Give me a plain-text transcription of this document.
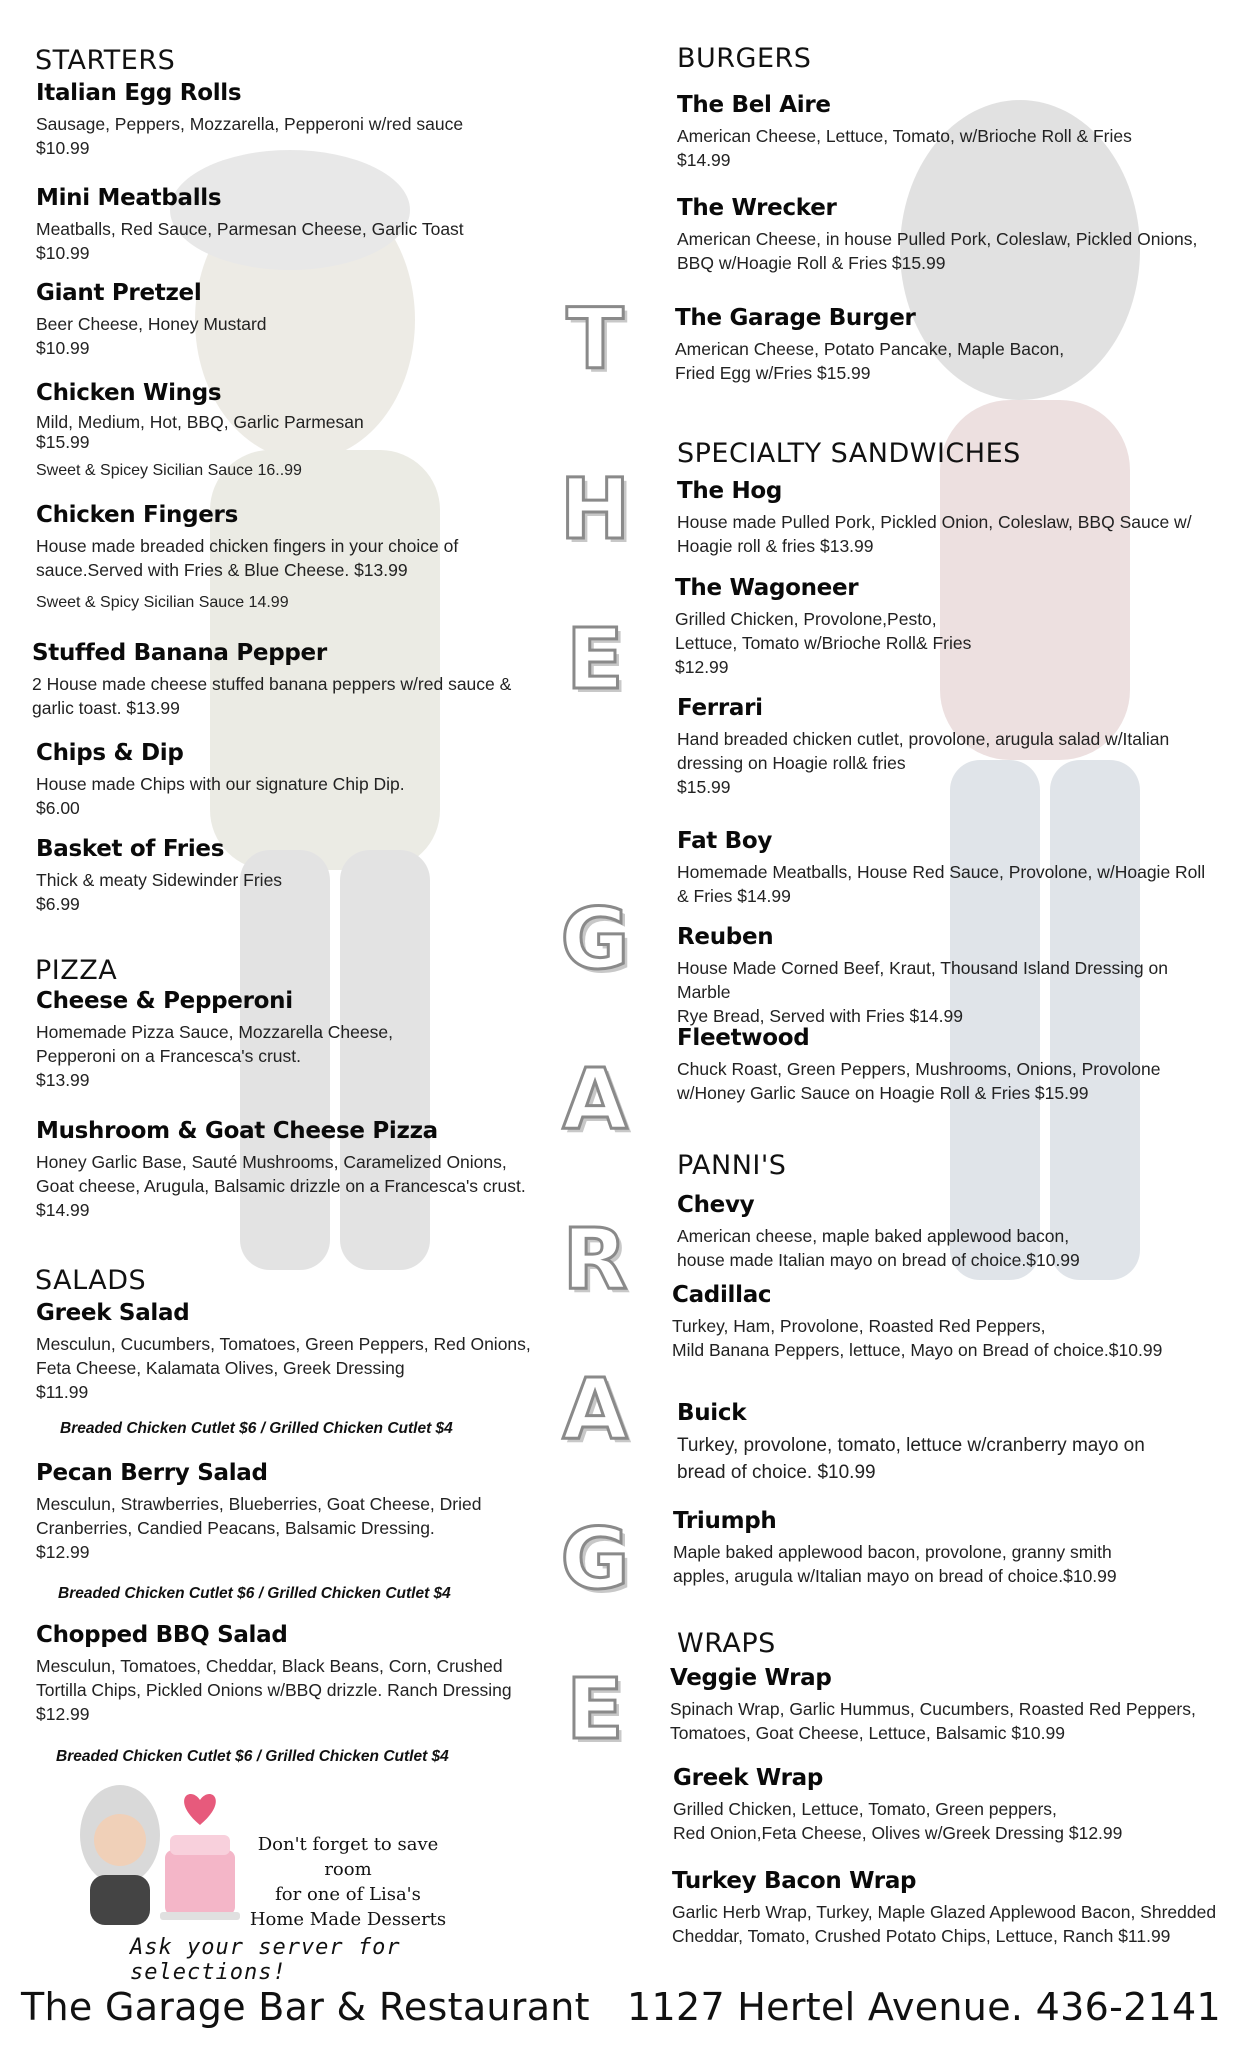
T
H
E
G
A
R
A
G
E
STARTERS
Italian Egg Rolls
Sausage, Peppers, Mozzarella, Pepperoni w/red sauce
$10.99
Mini Meatballs
Meatballs, Red Sauce, Parmesan Cheese, Garlic Toast
$10.99
Giant Pretzel
Beer Cheese, Honey Mustard
$10.99
Chicken Wings
Mild, Medium, Hot, BBQ, Garlic Parmesan
$15.99
Sweet & Spicey Sicilian Sauce 16..99
Chicken Fingers
House made breaded chicken fingers in your choice of
sauce.Served with Fries & Blue Cheese. $13.99
Sweet & Spicy Sicilian Sauce 14.99
Stuffed Banana Pepper
2 House made cheese stuffed banana peppers w/red sauce &
garlic toast. $13.99
Chips & Dip
House made Chips with our signature Chip Dip.
$6.00
Basket of Fries
Thick & meaty Sidewinder Fries
$6.99
PIZZA
Cheese & Pepperoni
Homemade Pizza Sauce, Mozzarella Cheese,
Pepperoni on a Francesca's crust.
$13.99
Mushroom & Goat Cheese Pizza
Honey Garlic Base, Sauté Mushrooms, Caramelized Onions,
Goat cheese, Arugula, Balsamic drizzle on a Francesca's crust.
$14.99
SALADS
Greek Salad
Mesculun, Cucumbers, Tomatoes, Green Peppers, Red Onions,
Feta Cheese, Kalamata Olives, Greek Dressing
$11.99
Breaded Chicken Cutlet $6 / Grilled Chicken Cutlet $4
Pecan Berry Salad
Mesculun, Strawberries, Blueberries, Goat Cheese, Dried
Cranberries, Candied Peacans, Balsamic Dressing.
$12.99
Breaded Chicken Cutlet $6 / Grilled Chicken Cutlet $4
Chopped BBQ Salad
Mesculun, Tomatoes, Cheddar, Black Beans, Corn, Crushed
Tortilla Chips, Pickled Onions w/BBQ drizzle. Ranch Dressing
$12.99
Breaded Chicken Cutlet $6 / Grilled Chicken Cutlet $4
Don't forget to save room
for one of Lisa's
Home Made Desserts
Ask your server for selections!
BURGERS
The Bel Aire
American Cheese, Lettuce, Tomato, w/Brioche Roll & Fries
$14.99
The Wrecker
American Cheese, in house Pulled Pork, Coleslaw, Pickled Onions,
BBQ w/Hoagie Roll & Fries $15.99
The Garage Burger
American Cheese, Potato Pancake, Maple Bacon,
Fried Egg w/Fries $15.99
SPECIALTY SANDWICHES
The Hog
House made Pulled Pork, Pickled Onion, Coleslaw, BBQ Sauce w/
Hoagie roll & fries $13.99
The Wagoneer
Grilled Chicken, Provolone,Pesto,
Lettuce, Tomato w/Brioche Roll& Fries
$12.99
Ferrari
Hand breaded chicken cutlet, provolone, arugula salad w/Italian
dressing on Hoagie roll& fries
$15.99
Fat Boy
Homemade Meatballs, House Red Sauce, Provolone, w/Hoagie Roll
& Fries $14.99
Reuben
House Made Corned Beef, Kraut, Thousand Island Dressing on Marble
Rye Bread, Served with Fries $14.99
Fleetwood
Chuck Roast, Green Peppers, Mushrooms, Onions, Provolone
w/Honey Garlic Sauce on Hoagie Roll & Fries $15.99
PANNI'S
Chevy
American cheese, maple baked applewood bacon,
house made Italian mayo on bread of choice.$10.99
Cadillac
Turkey, Ham, Provolone, Roasted Red Peppers,
Mild Banana Peppers, lettuce, Mayo on Bread of choice.$10.99
Buick
Turkey, provolone, tomato, lettuce w/cranberry mayo on
bread of choice. $10.99
Triumph
Maple baked applewood bacon, provolone, granny smith
apples, arugula w/Italian mayo on bread of choice.$10.99
WRAPS
Veggie Wrap
Spinach Wrap, Garlic Hummus, Cucumbers, Roasted Red Peppers,
Tomatoes, Goat Cheese, Lettuce, Balsamic $10.99
Greek Wrap
Grilled Chicken, Lettuce, Tomato, Green peppers,
Red Onion,Feta Cheese, Olives w/Greek Dressing $12.99
Turkey Bacon Wrap
Garlic Herb Wrap, Turkey, Maple Glazed Applewood Bacon, Shredded
Cheddar, Tomato, Crushed Potato Chips, Lettuce, Ranch $11.99
The Garage Bar & Restaurant   1127 Hertel Avenue. 436-2141
